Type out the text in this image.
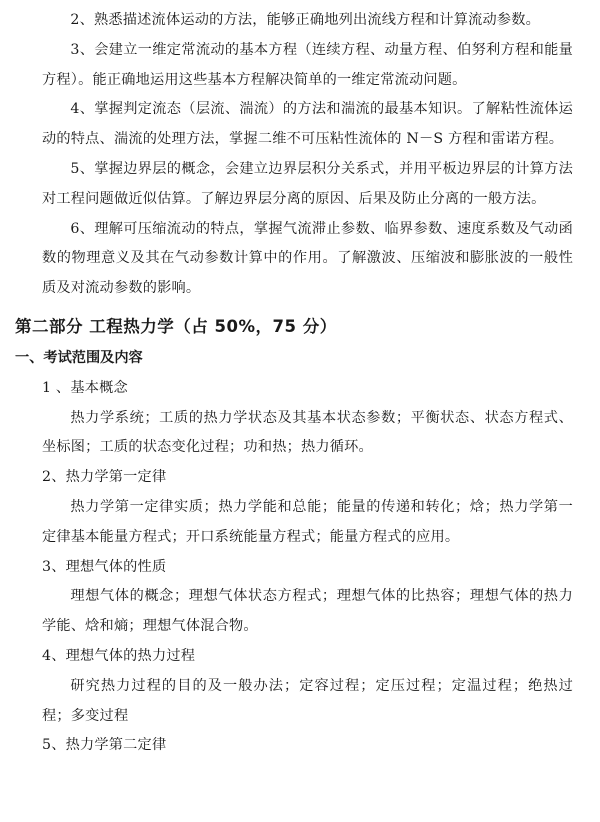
2、熟悉描述流体运动的方法，能够正确地列出流线方程和计算流动参数。

3、会建立一维定常流动的基本方程（连续方程、动量方程、伯努利方程和能量方程）。能正确地运用这些基本方程解决简单的一维定常流动问题。

4、掌握判定流态（层流、湍流）的方法和湍流的最基本知识。了解粘性流体运动的特点、湍流的处理方法，掌握二维不可压粘性流体的 N－S 方程和雷诺方程。

5、掌握边界层的概念，会建立边界层积分关系式，并用平板边界层的计算方法对工程问题做近似估算。了解边界层分离的原因、后果及防止分离的一般方法。

6、理解可压缩流动的特点，掌握气流滞止参数、临界参数、速度系数及气动函数的物理意义及其在气动参数计算中的作用。了解激波、压缩波和膨胀波的一般性质及对流动参数的影响。

第二部分 工程热力学（占 50%，75 分）
一、考试范围及内容

1 、基本概念

热力学系统；工质的热力学状态及其基本状态参数；平衡状态、状态方程式、坐标图；工质的状态变化过程；功和热；热力循环。

2、热力学第一定律

热力学第一定律实质；热力学能和总能；能量的传递和转化；焓；热力学第一定律基本能量方程式；开口系统能量方程式；能量方程式的应用。

3、理想气体的性质

理想气体的概念；理想气体状态方程式；理想气体的比热容；理想气体的热力学能、焓和熵；理想气体混合物。

4、理想气体的热力过程

研究热力过程的目的及一般办法；定容过程；定压过程；定温过程；绝热过程；多变过程

5、热力学第二定律
